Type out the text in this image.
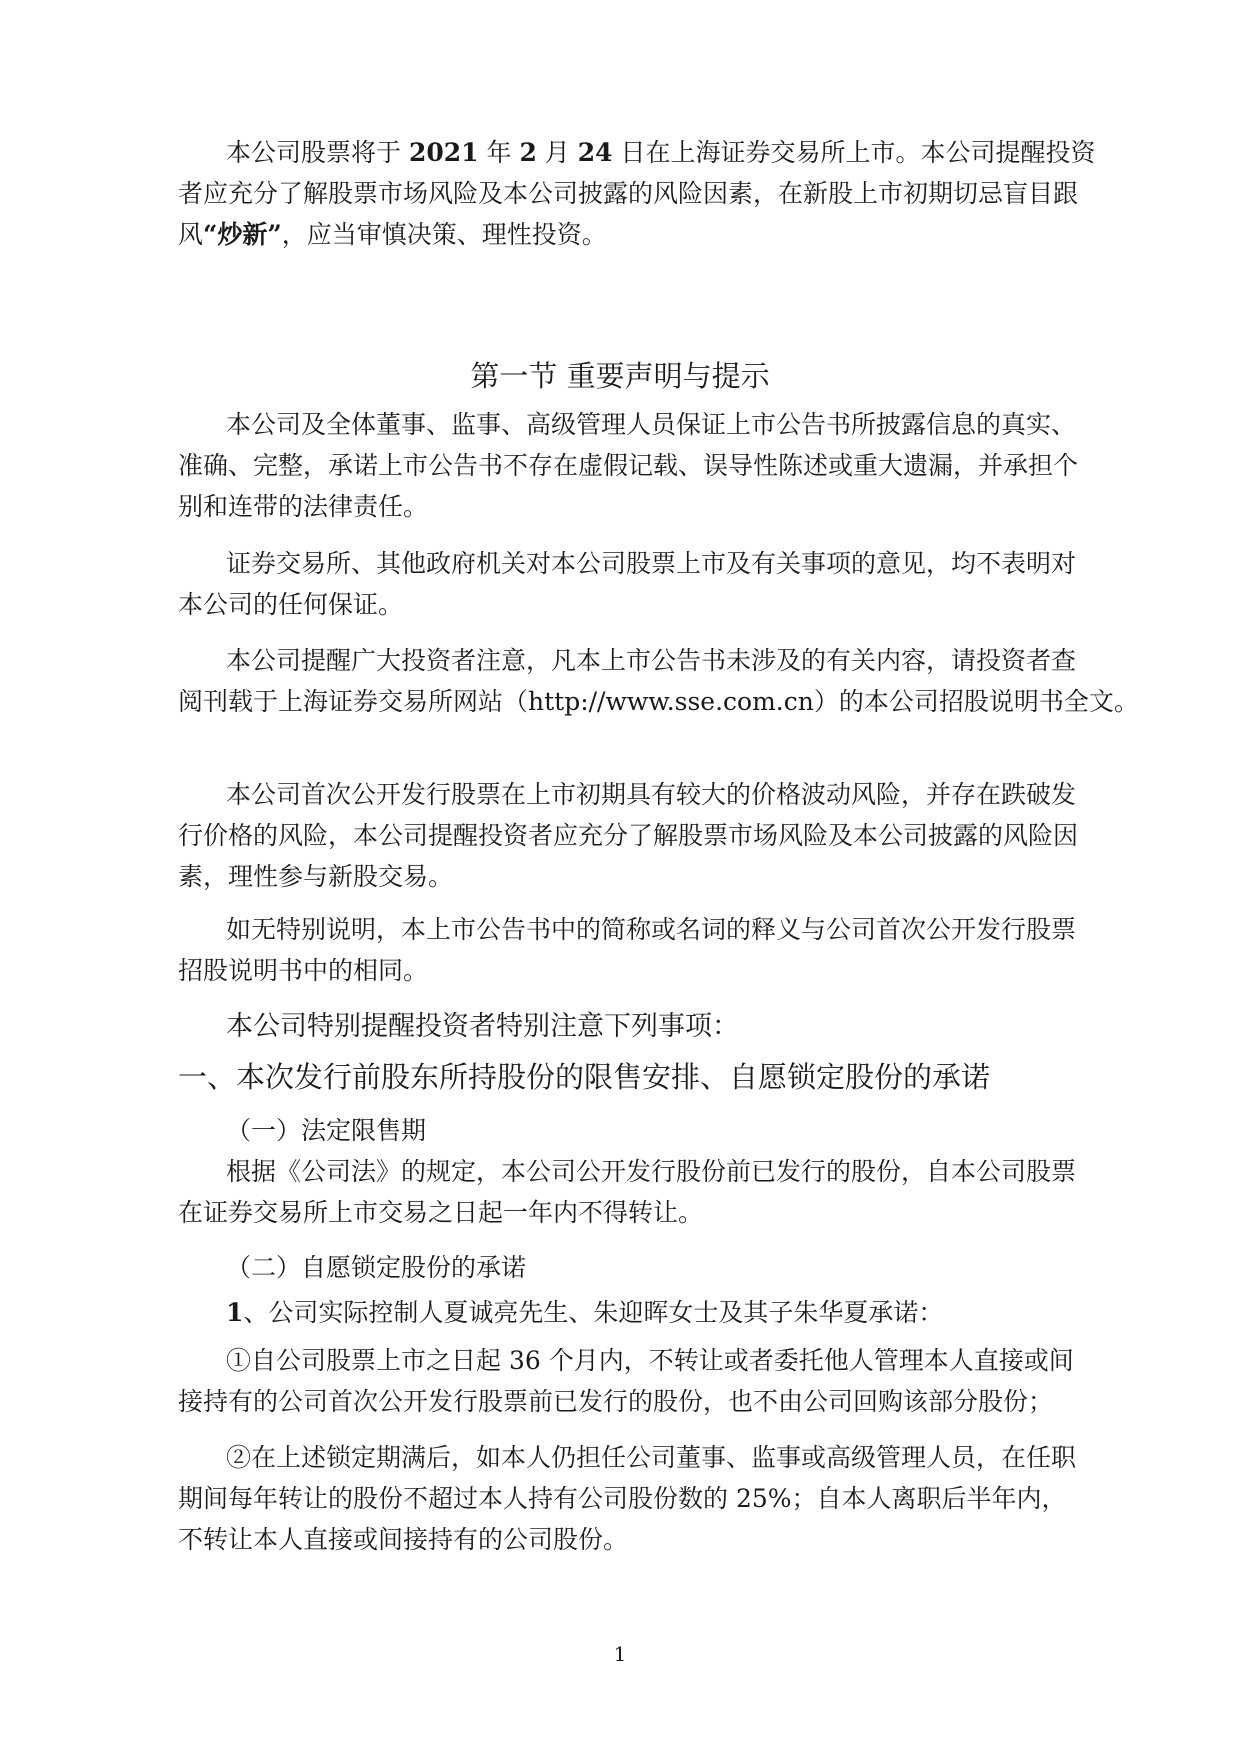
本公司股票将于 2021 年 2 月 24 日在上海证券交易所上市。本公司提醒投资
者应充分了解股票市场风险及本公司披露的风险因素，在新股上市初期切忌盲目跟
风“炒新”，应当审慎决策、理性投资。
第一节 重要声明与提示
本公司及全体董事、监事、高级管理人员保证上市公告书所披露信息的真实、
准确、完整，承诺上市公告书不存在虚假记载、误导性陈述或重大遗漏，并承担个
别和连带的法律责任。
证券交易所、其他政府机关对本公司股票上市及有关事项的意见，均不表明对
本公司的任何保证。
本公司提醒广大投资者注意，凡本上市公告书未涉及的有关内容，请投资者查
阅刊载于上海证券交易所网站（http://www.sse.com.cn）的本公司招股说明书全文。
本公司首次公开发行股票在上市初期具有较大的价格波动风险，并存在跌破发
行价格的风险，本公司提醒投资者应充分了解股票市场风险及本公司披露的风险因
素，理性参与新股交易。
如无特别说明，本上市公告书中的简称或名词的释义与公司首次公开发行股票
招股说明书中的相同。
本公司特别提醒投资者特别注意下列事项：
一、本次发行前股东所持股份的限售安排、自愿锁定股份的承诺
（一）法定限售期
根据《公司法》的规定，本公司公开发行股份前已发行的股份，自本公司股票
在证券交易所上市交易之日起一年内不得转让。
（二）自愿锁定股份的承诺
1、公司实际控制人夏诚亮先生、朱迎晖女士及其子朱华夏承诺：
①自公司股票上市之日起 36 个月内，不转让或者委托他人管理本人直接或间
接持有的公司首次公开发行股票前已发行的股份，也不由公司回购该部分股份；
②在上述锁定期满后，如本人仍担任公司董事、监事或高级管理人员，在任职
期间每年转让的股份不超过本人持有公司股份数的 25%；自本人离职后半年内，
不转让本人直接或间接持有的公司股份。
1
